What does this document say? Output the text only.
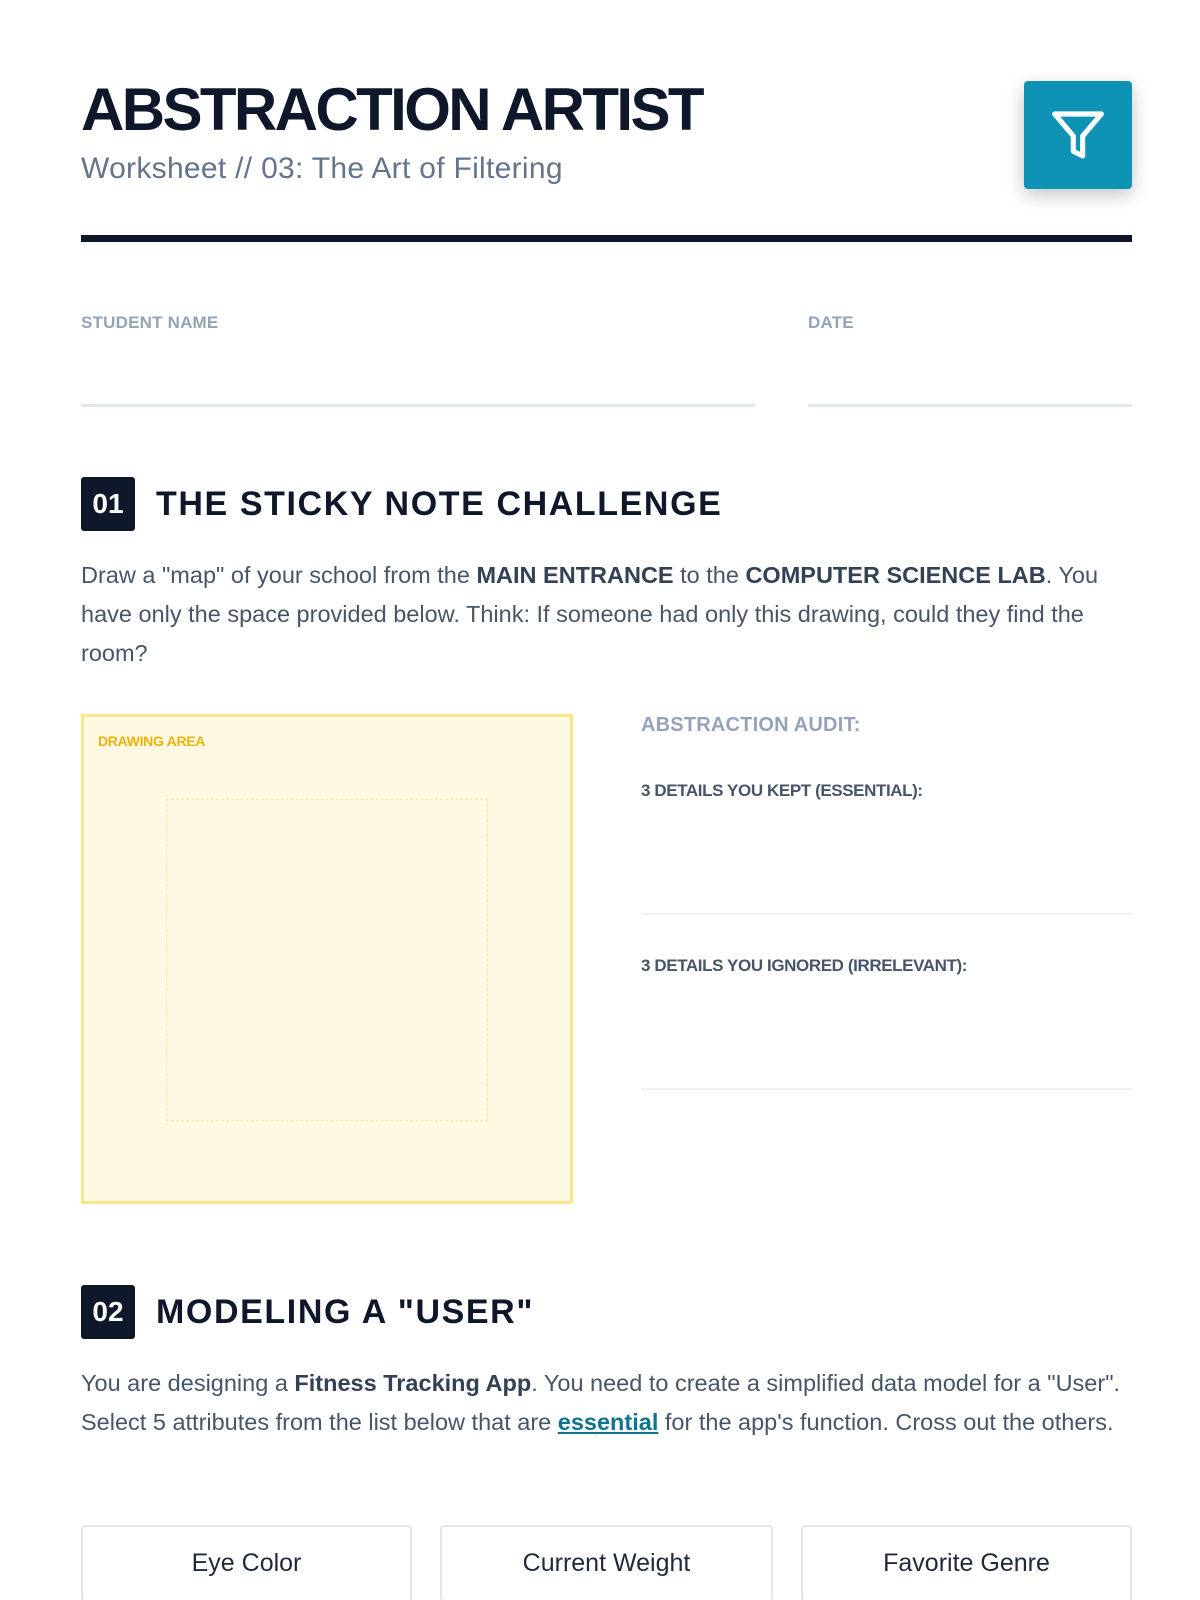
ABSTRACTION ARTIST
Worksheet // 03: The Art of Filtering
STUDENT NAME	DATE
01 THE STICKY NOTE CHALLENGE

Draw a "map" of your school from the MAIN ENTRANCE to the COMPUTER SCIENCE LAB. You have only the space provided below. Think: If someone had only this drawing, could they find the room?

DRAWING AREA
ABSTRACTION AUDIT:
3 DETAILS YOU KEPT (ESSENTIAL):
3 DETAILS YOU IGNORED (IRRELEVANT):
02 MODELING A "USER"

You are designing a Fitness Tracking App. You need to create a simplified data model for a "User". Select 5 attributes from the list below that are essential for the app's function. Cross out the others.

Eye Color	Current Weight	Favorite Genre
